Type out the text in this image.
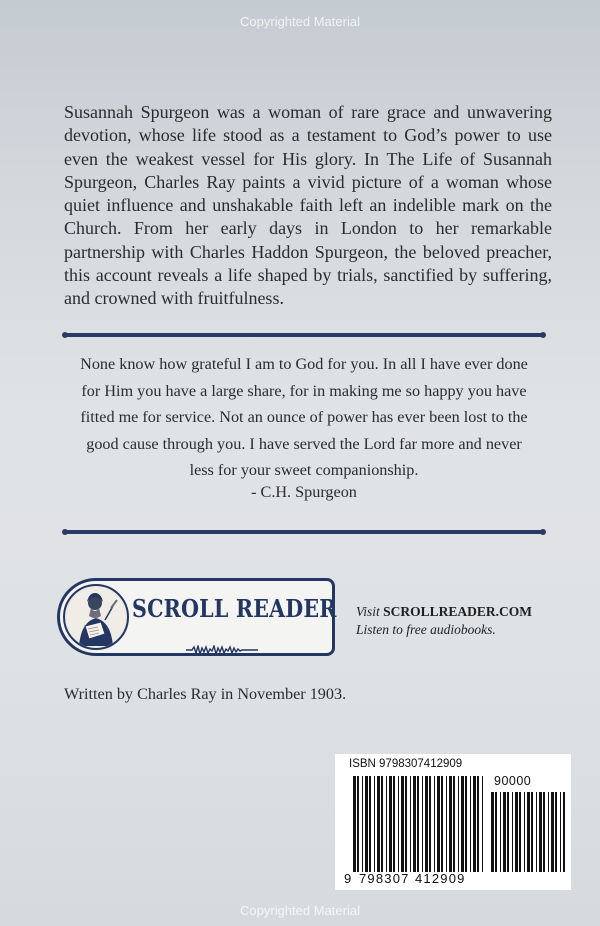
Copyrighted Material

Susannah Spurgeon was a woman of rare grace and unwavering devotion, whose life stood as a testament to God’s power to use even the weakest vessel for His glory. In The Life of Susannah Spurgeon, Charles Ray paints a vivid picture of a woman whose quiet influence and unshakable faith left an indelible mark on the Church. From her early days in London to her remarkable partnership with Charles Haddon Spurgeon, the beloved preacher, this account reveals a life shaped by trials, sanctified by suffering, and crowned with fruitfulness.

None know how grateful I am to God for you. In all I have ever done
for Him you have a large share, for in making me so happy you have
fitted me for service. Not an ounce of power has ever been lost to the
good cause through you. I have served the Lord far more and never
less for your sweet companionship.
- C.H. Spurgeon
SCROLL READER Visit SCROLLREADER.COM
Listen to free audiobooks.
Written by Charles Ray in November 1903.
ISBN 9798307412909
90000
9 798307 412909
Copyrighted Material
